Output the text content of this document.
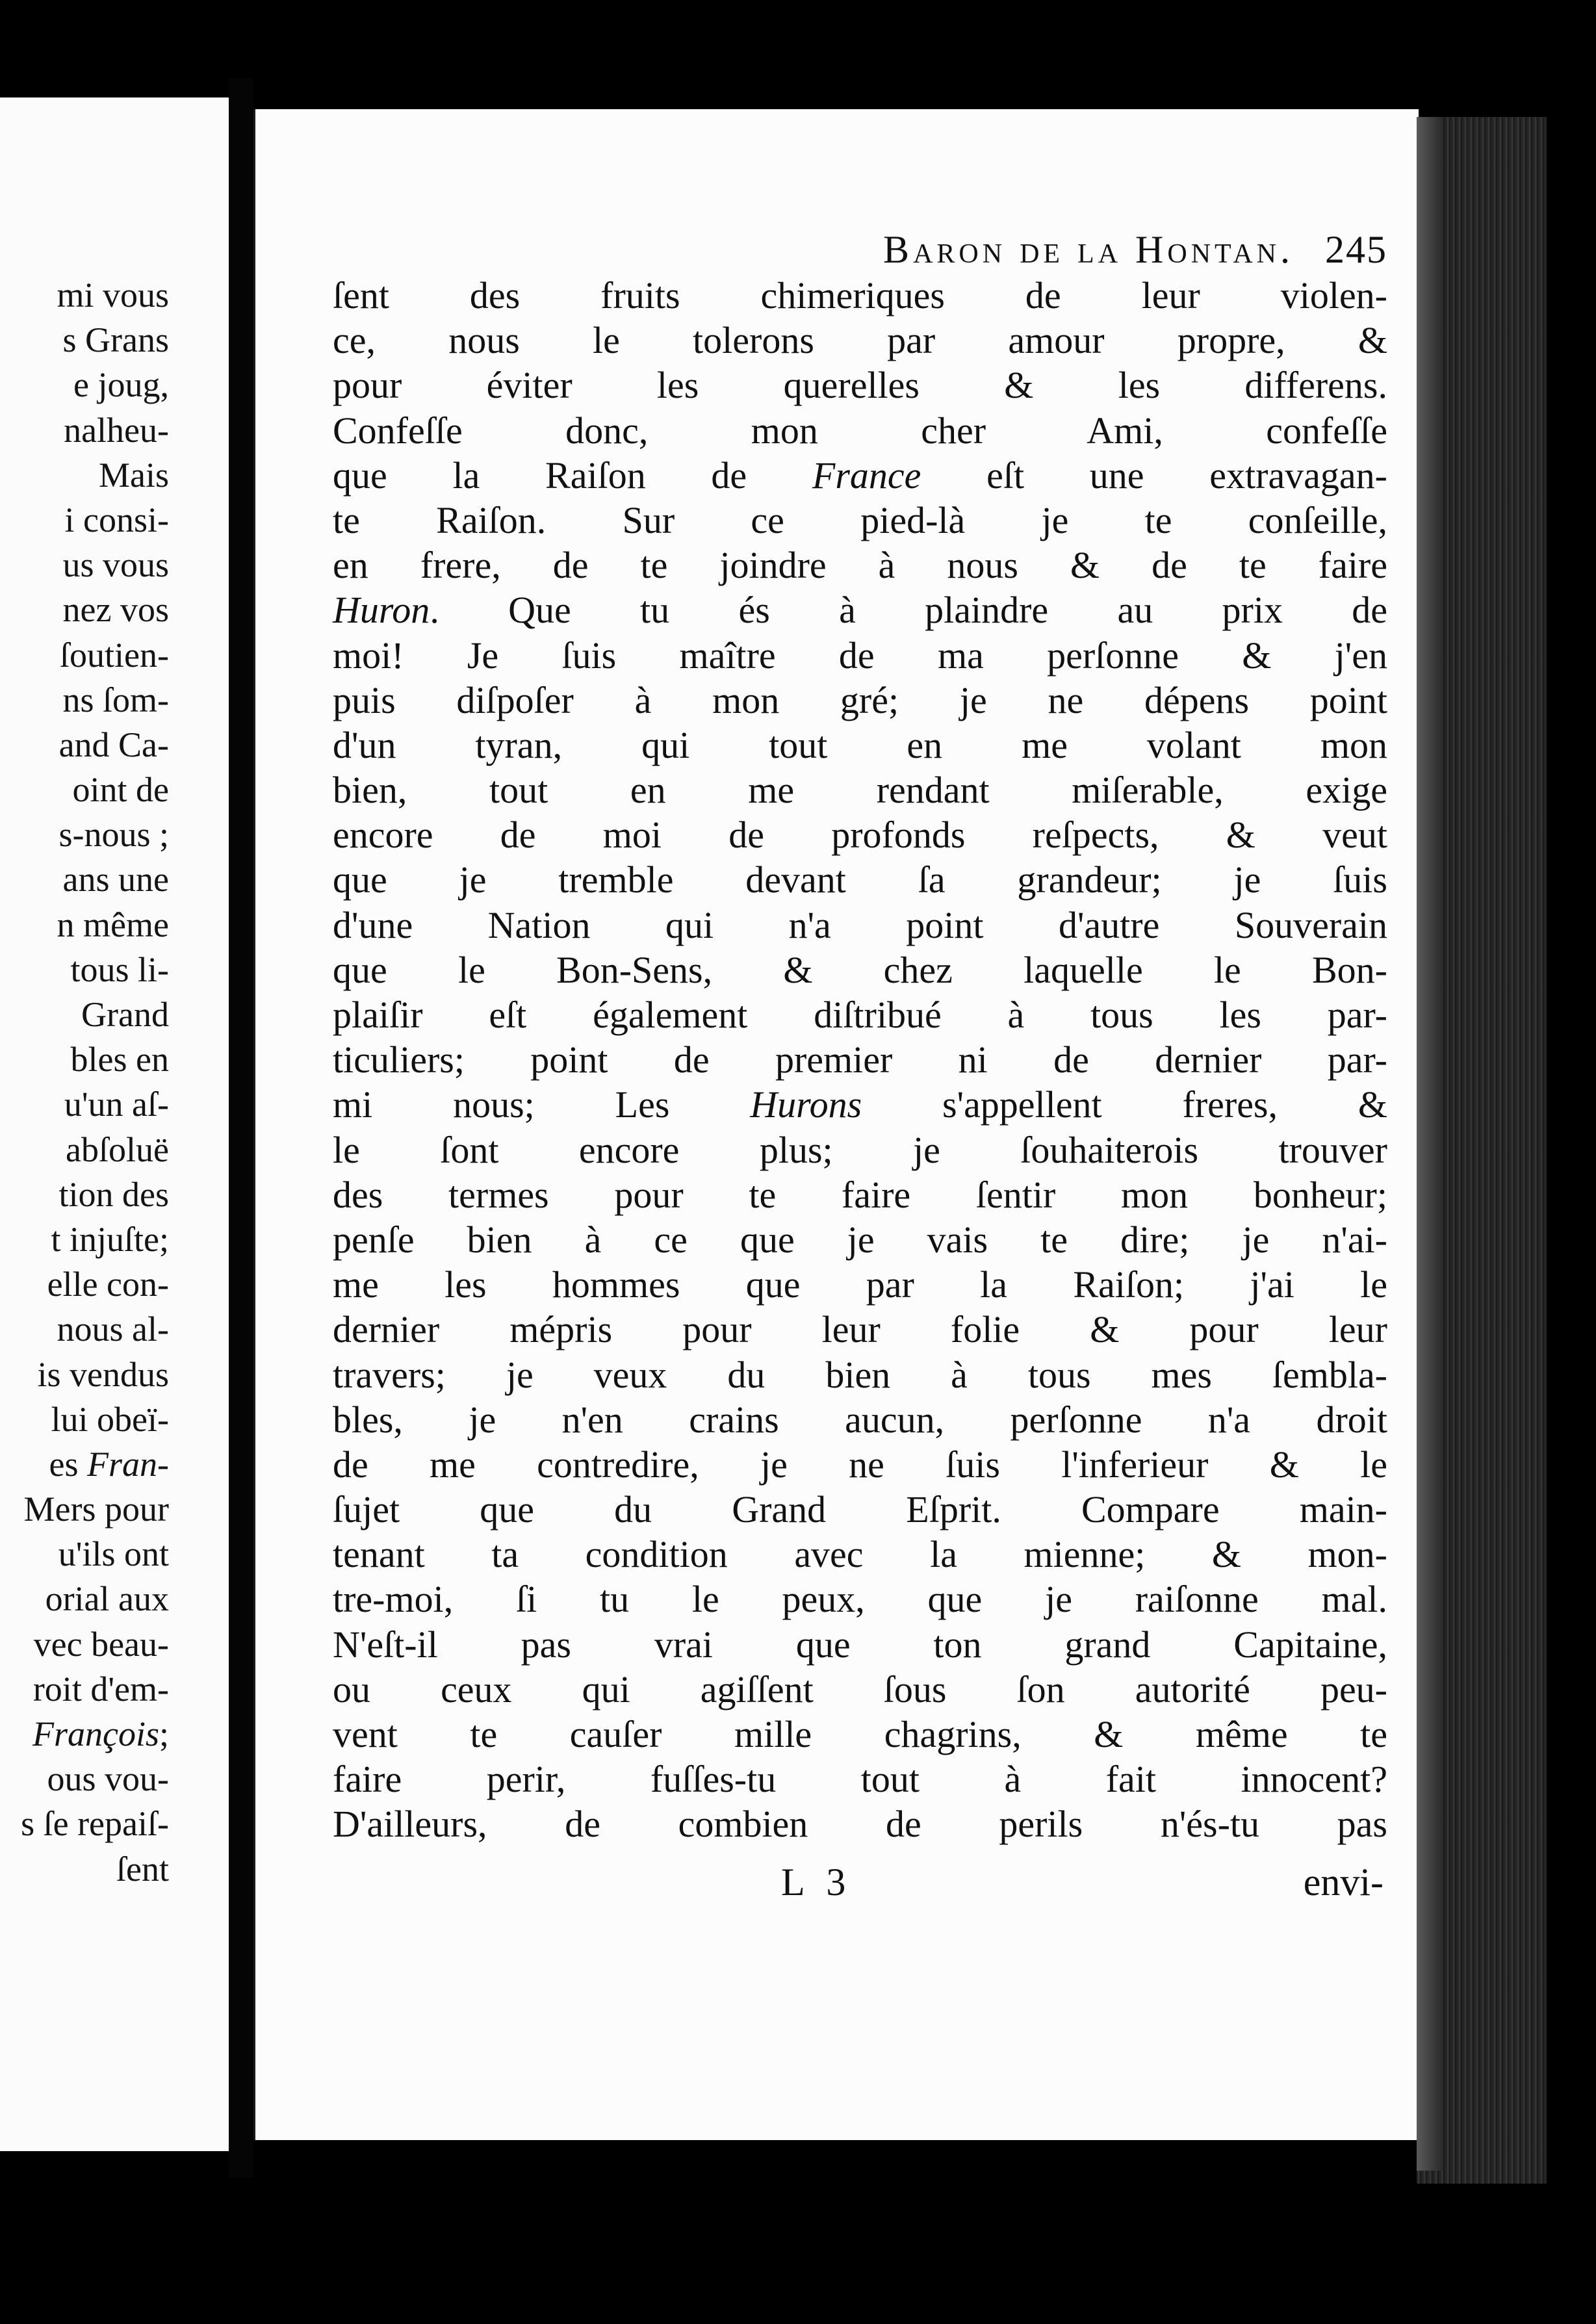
mi vous
s Grans
e joug,
nalheu-
Mais
i consi-
us vous
nez vos
ſoutien-
ns ſom-
and Ca-
oint de
s-nous ;
ans une
n même
tous li-
Grand
bles en
u'un aſ-
abſoluë
tion des
t injuſte;
elle con-
nous al-
is vendus
lui obeï-
es Fran-
Mers pour
u'ils ont
orial aux
vec beau-
roit d'em-
François;
ous vou-
s ſe repaiſ-
ſent
Baron de la Hontan. 245
ſent des fruits chimeriques de leur violen-
ce, nous le tolerons par amour propre, &
pour éviter les querelles & les differens.
Confeſſe donc, mon cher Ami, confeſſe
que la Raiſon de France eſt une extravagan-
te Raiſon. Sur ce pied-là je te conſeille,
en frere, de te joindre à nous & de te faire
Huron. Que tu és à plaindre au prix de
moi! Je ſuis maître de ma perſonne & j'en
puis diſpoſer à mon gré; je ne dépens point
d'un tyran, qui tout en me volant mon
bien, tout en me rendant miſerable, exige
encore de moi de profonds reſpects, & veut
que je tremble devant ſa grandeur; je ſuis
d'une Nation qui n'a point d'autre Souverain
que le Bon-Sens, & chez laquelle le Bon-
plaiſir eſt également diſtribué à tous les par-
ticuliers; point de premier ni de dernier par-
mi nous; Les Hurons s'appellent freres, &
le ſont encore plus; je ſouhaiterois trouver
des termes pour te faire ſentir mon bonheur;
penſe bien à ce que je vais te dire; je n'ai-
me les hommes que par la Raiſon; j'ai le
dernier mépris pour leur folie & pour leur
travers; je veux du bien à tous mes ſembla-
bles, je n'en crains aucun, perſonne n'a droit
de me contredire, je ne ſuis l'inferieur & le
ſujet que du Grand Eſprit. Compare main-
tenant ta condition avec la mienne; & mon-
tre-moi, ſi tu le peux, que je raiſonne mal.
N'eſt-il pas vrai que ton grand Capitaine,
ou ceux qui agiſſent ſous ſon autorité peu-
vent te cauſer mille chagrins, & même te
faire perir, fuſſes-tu tout à fait innocent?
D'ailleurs, de combien de perils n'és-tu pas
L 3	envi-
